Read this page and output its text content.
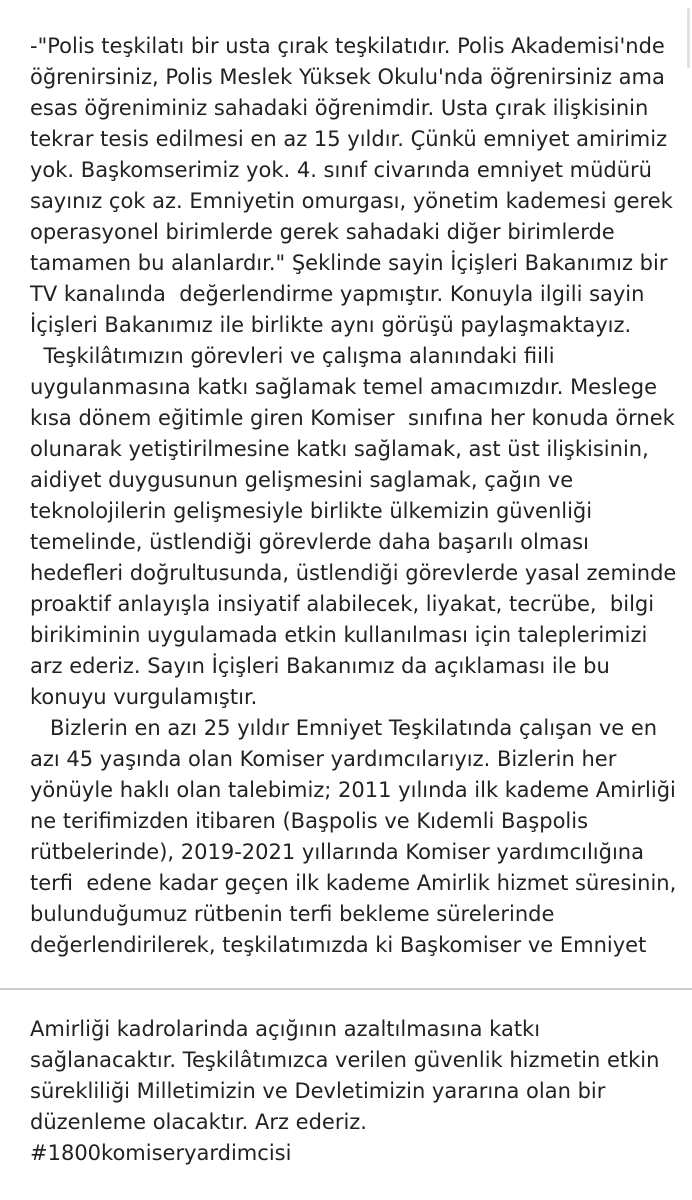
-"Polis teşkilatı bir usta çırak teşkilatıdır. Polis Akademisi'nde
öğrenirsiniz, Polis Meslek Yüksek Okulu'nda öğrenirsiniz ama
esas öğreniminiz sahadaki öğrenimdir. Usta çırak ilişkisinin
tekrar tesis edilmesi en az 15 yıldır. Çünkü emniyet amirimiz
yok. Başkomserimiz yok. 4. sınıf civarında emniyet müdürü
sayınız çok az. Emniyetin omurgası, yönetim kademesi gerek
operasyonel birimlerde gerek sahadaki diğer birimlerde
tamamen bu alanlardır." Şeklinde sayin İçişleri Bakanımız bir
TV kanalında  değerlendirme yapmıştır. Konuyla ilgili sayin
İçişleri Bakanımız ile birlikte aynı görüşü paylaşmaktayız.
Teşkilâtımızın görevleri ve çalışma alanındaki fiili
uygulanmasına katkı sağlamak temel amacımızdır. Meslege
kısa dönem eğitimle giren Komiser  sınıfına her konuda örnek
olunarak yetiştirilmesine katkı sağlamak, ast üst ilişkisinin,
aidiyet duygusunun gelişmesini saglamak, çağın ve
teknolojilerin gelişmesiyle birlikte ülkemizin güvenliği
temelinde, üstlendiği görevlerde daha başarılı olması
hedefleri doğrultusunda, üstlendiği görevlerde yasal zeminde
proaktif anlayışla insiyatif alabilecek, liyakat, tecrübe,  bilgi
birikiminin uygulamada etkin kullanılması için taleplerimizi
arz ederiz. Sayın İçişleri Bakanımız da açıklaması ile bu
konuyu vurgulamıştır.
Bizlerin en azı 25 yıldır Emniyet Teşkilatında çalışan ve en
azı 45 yaşında olan Komiser yardımcılarıyız. Bizlerin her
yönüyle haklı olan talebimiz; 2011 yılında ilk kademe Amirliği
ne terifimizden itibaren (Başpolis ve Kıdemli Başpolis
rütbelerinde), 2019-2021 yıllarında Komiser yardımcılığına
terfi  edene kadar geçen ilk kademe Amirlik hizmet süresinin,
bulunduğumuz rütbenin terfi bekleme sürelerinde
değerlendirilerek, teşkilatımızda ki Başkomiser ve Emniyet
Amirliği kadrolarinda açığının azaltılmasına katkı
sağlanacaktır. Teşkilâtımızca verilen güvenlik hizmetin etkin
sürekliliği Milletimizin ve Devletimizin yararına olan bir
düzenleme olacaktır. Arz ederiz.
#1800komiseryardimcisi
